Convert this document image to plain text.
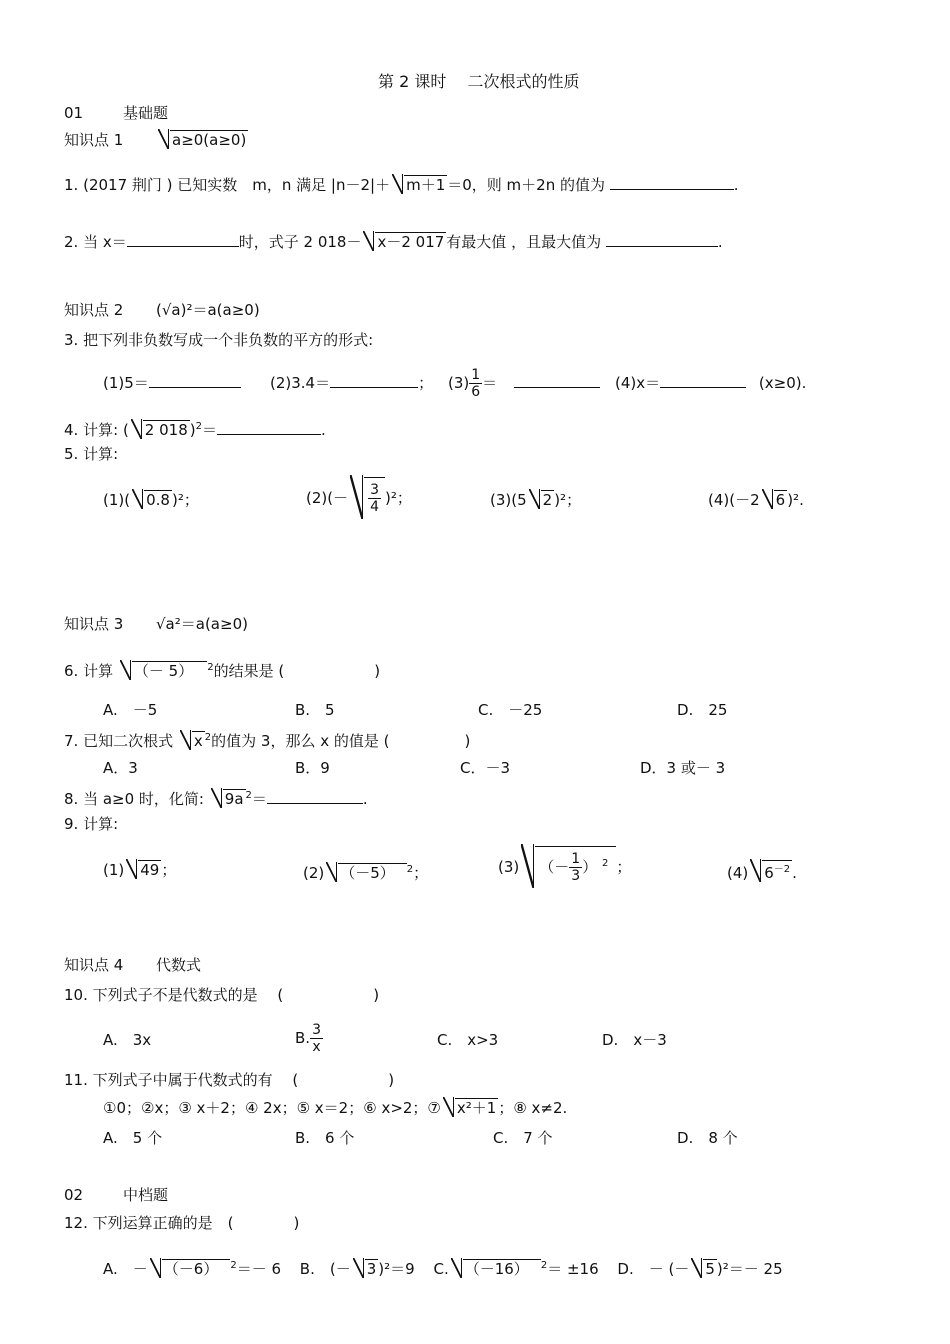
第 2 课时　 二次根式的性质
01	基础题
知识点 1	a≥0(a≥0)
1. (2017 荆门 ) 已知实数　m，n 满足 |n－2|＋ m＋1 ＝0，则 m＋2n 的值为	.
2. 当 x＝	时，式子 2 018－ x－2 017 有最大值 ，且最大值为	.
知识点 2 (√a)²＝a(a≥0)
3. 把下列非负数写成一个非负数的平方的形式:
(1)5＝	(2)3.4＝	； $(3) \frac{1}{6}$ ＝	(4)x＝	(x≥0).
4. 计算: ( 2 018 )$^2$＝	.
5. 计算:
(1)( 0.8 )²；	$(2)(- \frac{3}{4} )^2$；	(3)(5 2 )²；	(4)(－2 6 )².
知识点 3 √a²＝a(a≥0)
6. 计算 （－ 5） $^2$的结果是 (　　　　　　)
A.　－5	B.　5	C.　－25	D.　25
7. 已知二次根式 x $^2$的值为 3，那么 x 的值是 (　　　　　)
A．3	B．9	C．－3	D．3 或－ 3
8. 当 a≥0 时，化简: 9a $^2$＝	.
9. 计算:
(1) 49 ；	(2) （－5） $^2$；	(3) （－ $\frac{1}{3}$ ） $^2$ ；	(4) $6^{-2}$ .
知识点 4 代数式
10. 下列式子不是代数式的是　 (　　　　　　)
A.　3x	B. $\frac{3}{x}$	C.　x>3	D.　x－3
11. 下列式子中属于代数式的有　 (　　　　　　)
①0；②x；③ x＋2；④ 2x；⑤ x＝2；⑥ x>2；⑦ x²＋1 ；⑧ x≠2.
A.　5 个	B.　6 个	C.　7 个	D.　8 个
02	中档题
12. 下列运算正确的是　(　　　　)
A.　－ （－6） $^2$＝－ 6 B.　(－ 3 )²＝9 C. （－16） $^2$＝ ±16 D.　－ (－ 5 )²＝－ 25
